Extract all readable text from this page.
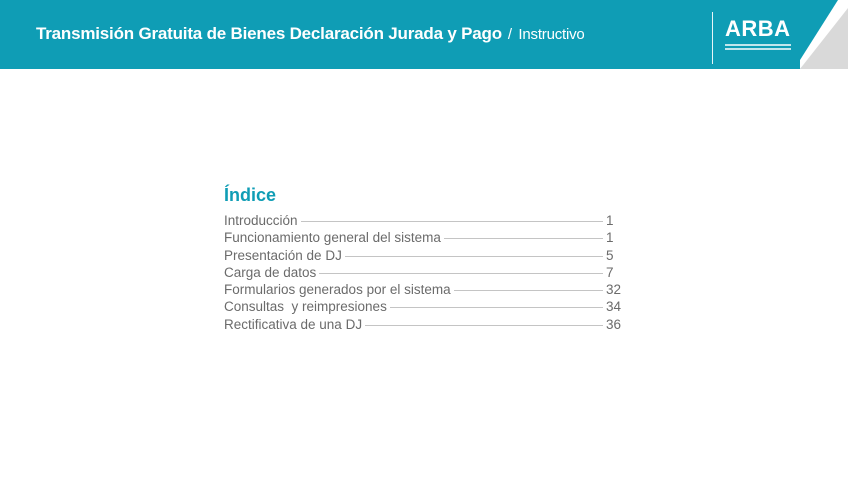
Transmisión Gratuita de Bienes Declaración Jurada y Pago / Instructivo	ARBA
Índice
Introducción	1
Funcionamiento general del sistema	1
Presentación de DJ	5
Carga de datos	7
Formularios generados por el sistema	32
Consultas  y reimpresiones	34
Rectificativa de una DJ	36
